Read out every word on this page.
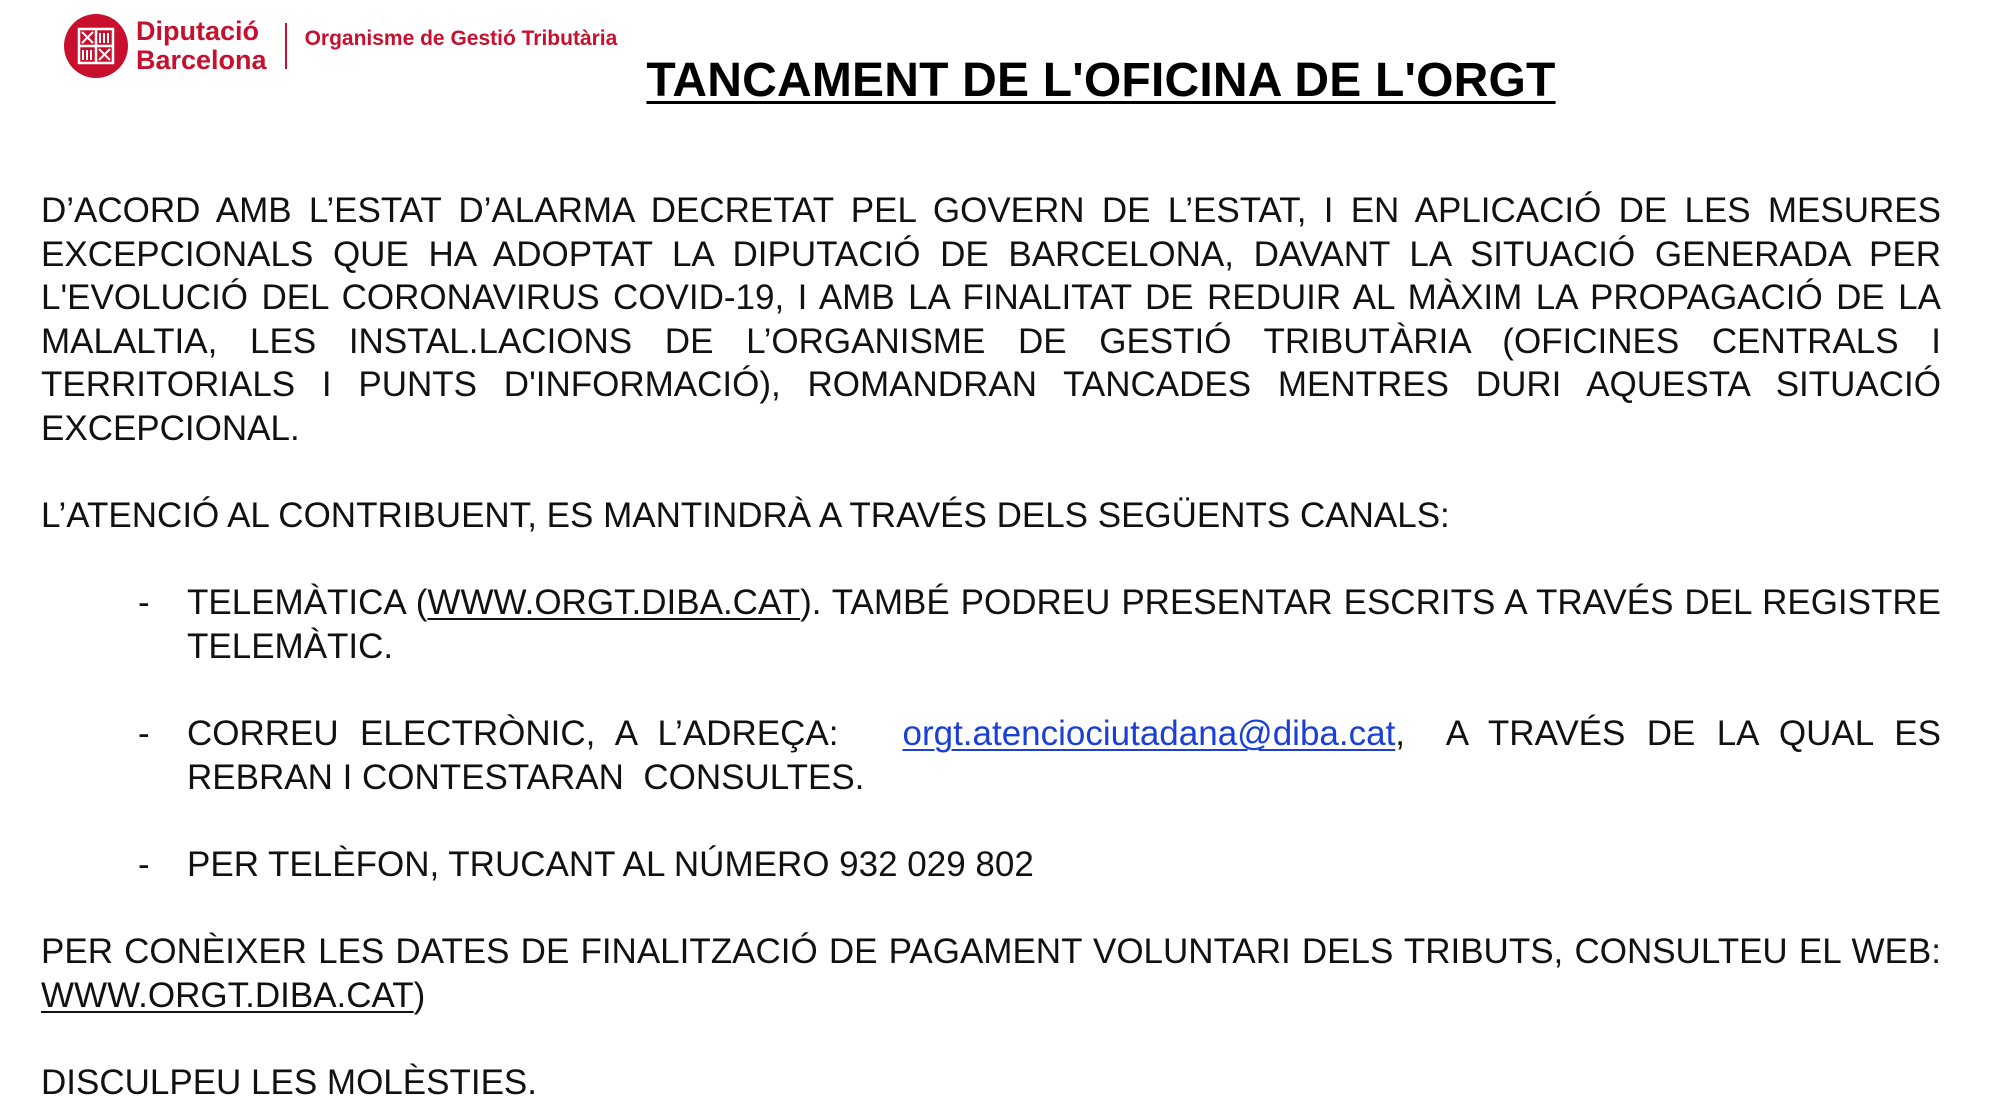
Diputació
Barcelona
Organisme de Gestió Tributària
TANCAMENT DE L'OFICINA DE L'ORGT

D’ACORD AMB L’ESTAT D’ALARMA DECRETAT PEL GOVERN DE L’ESTAT, I EN APLICACIÓ DE LES MESURES EXCEPCIONALS QUE HA ADOPTAT LA DIPUTACIÓ DE BARCELONA, DAVANT LA SITUACIÓ GENERADA PER L'EVOLUCIÓ DEL CORONAVIRUS COVID-19, I AMB LA FINALITAT DE REDUIR AL MÀXIM LA PROPAGACIÓ DE LA MALALTIA, LES INSTAL.LACIONS DE L’ORGANISME DE GESTIÓ TRIBUTÀRIA (OFICINES CENTRALS I TERRITORIALS I PUNTS D'INFORMACIÓ), ROMANDRAN TANCADES MENTRES DURI AQUESTA SITUACIÓ EXCEPCIONAL.

L’ATENCIÓ AL CONTRIBUENT, ES MANTINDRÀ A TRAVÉS DELS SEGÜENTS CANALS:

- TELEMÀTICA (WWW.ORGT.DIBA.CAT). TAMBÉ PODREU PRESENTAR ESCRITS A TRAVÉS DEL REGISTRE TELEMÀTIC.
- CORREU ELECTRÒNIC, A L’ADREÇA:   orgt.atenciociutadana@diba.cat,  A TRAVÉS DE LA QUAL ES REBRAN I CONTESTARAN  CONSULTES.
- PER TELÈFON, TRUCANT AL NÚMERO 932 029 802

PER CONÈIXER LES DATES DE FINALITZACIÓ DE PAGAMENT VOLUNTARI DELS TRIBUTS, CONSULTEU EL WEB: WWW.ORGT.DIBA.CAT)

DISCULPEU LES MOLÈSTIES.
